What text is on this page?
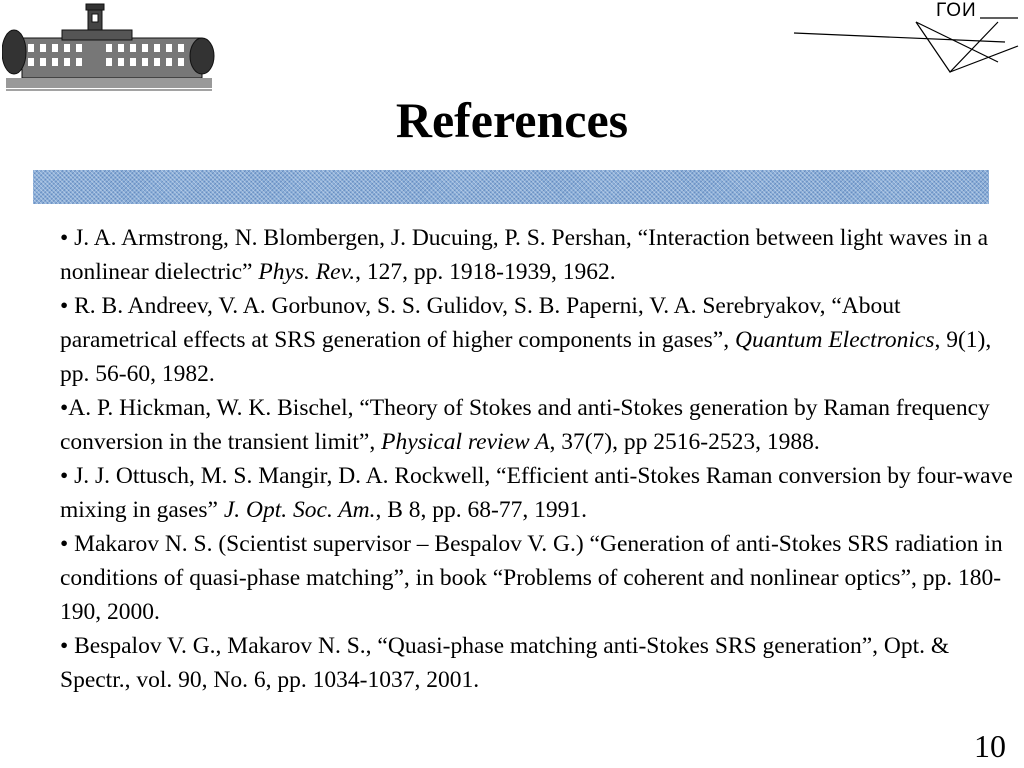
ГОИ
References
• J. A. Armstrong, N. Blombergen, J. Ducuing, P. S. Pershan, “Interaction between light waves in a nonlinear dielectric” Phys. Rev., 127, pp. 1918-1939, 1962.
• R. B. Andreev, V. A. Gorbunov, S. S. Gulidov, S. B. Paperni, V. A. Serebryakov, “About parametrical effects at SRS generation of higher components in gases”, Quantum Electronics, 9(1), pp. 56-60, 1982.
•A. P. Hickman, W. K. Bischel, “Theory of Stokes and anti-Stokes generation by Raman frequency conversion in the transient limit”, Physical review A, 37(7), pp 2516-2523, 1988.
• J. J. Ottusch, M. S. Mangir, D. A. Rockwell, “Efficient anti-Stokes Raman conversion by four-wave mixing in gases” J. Opt. Soc. Am., B 8, pp. 68-77, 1991.
• Makarov N. S. (Scientist supervisor – Bespalov V. G.) “Generation of anti-Stokes SRS radiation in conditions of quasi-phase matching”, in book “Problems of coherent and nonlinear optics”, pp. 180-190, 2000.
• Bespalov V. G., Makarov N. S., “Quasi-phase matching anti-Stokes SRS generation”, Opt. & Spectr., vol. 90, No. 6, pp. 1034-1037, 2001.
10
